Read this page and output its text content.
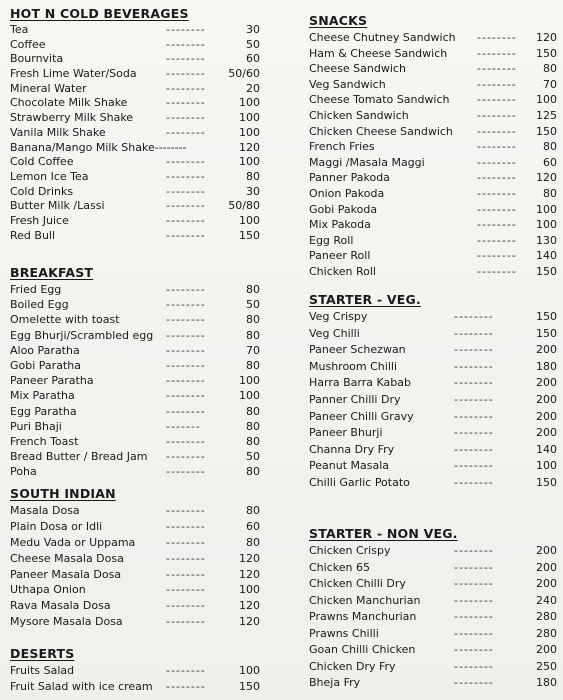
HOT N COLD BEVERAGES
Tea	--------	30
Coffee	--------	50
Bournvita	--------	60
Fresh Lime Water/Soda	-------- 50/60
Mineral Water	--------	20
Chocolate Milk Shake	--------	100
Strawberry Milk Shake	--------	100
Vanila Milk Shake	--------	100
Banana/Mango Milk Shake--------	120
Cold Coffee	--------	100
Lemon Ice Tea	--------	80
Cold Drinks	--------	30
Butter Milk /Lassi	-------- 50/80
Fresh Juice	--------	100
Red Bull	--------	150
BREAKFAST
Fried Egg	--------	80
Boiled Egg	--------	50
Omelette with toast	--------	80
Egg Bhurji/Scrambled egg --------	80
Aloo Paratha	--------	70
Gobi Paratha	--------	80
Paneer Paratha	--------	100
Mix Paratha	--------	100
Egg Paratha	--------	80
Puri Bhaji	-------	80
French Toast	--------	80
Bread Butter / Bread Jam --------	50
Poha	--------	80
SOUTH INDIAN
Masala Dosa	--------	80
Plain Dosa or Idli	--------	60
Medu Vada or Uppama	--------	80
Cheese Masala Dosa	--------	120
Paneer Masala Dosa	--------	120
Uthapa Onion	--------	100
Rava Masala Dosa	--------	120
Mysore Masala Dosa	--------	120
DESERTS
Fruits Salad	--------	100
Fruit Salad with ice cream --------	150
SNACKS
Cheese Chutney Sandwich -------- 120
Ham & Cheese Sandwich	-------- 150
Cheese Sandwich	-------- 80
Veg Sandwich	-------- 70
Cheese Tomato Sandwich -------- 100
Chicken Sandwich	-------- 125
Chicken Cheese Sandwich -------- 150
French Fries	-------- 80
Maggi /Masala Maggi	-------- 60
Panner Pakoda	-------- 120
Onion Pakoda	-------- 80
Gobi Pakoda	-------- 100
Mix Pakoda	-------- 100
Egg Roll	-------- 130
Paneer Roll	-------- 140
Chicken Roll	-------- 150
STARTER - VEG.
Veg Crispy	--------	150
Veg Chilli	--------	150
Paneer Schezwan	--------	200
Mushroom Chilli	--------	180
Harra Barra Kabab	--------	200
Panner Chilli Dry	--------	200
Paneer Chilli Gravy	--------	200
Paneer Bhurji	--------	200
Channa Dry Fry	--------	140
Peanut Masala	--------	100
Chilli Garlic Potato	--------	150
STARTER - NON VEG.
Chicken Crispy	--------	200
Chicken 65	--------	200
Chicken Chilli Dry	--------	200
Chicken Manchurian	--------	240
Prawns Manchurian	--------	280
Prawns Chilli	--------	280
Goan Chilli Chicken	--------	200
Chicken Dry Fry	--------	250
Bheja Fry	--------	180
